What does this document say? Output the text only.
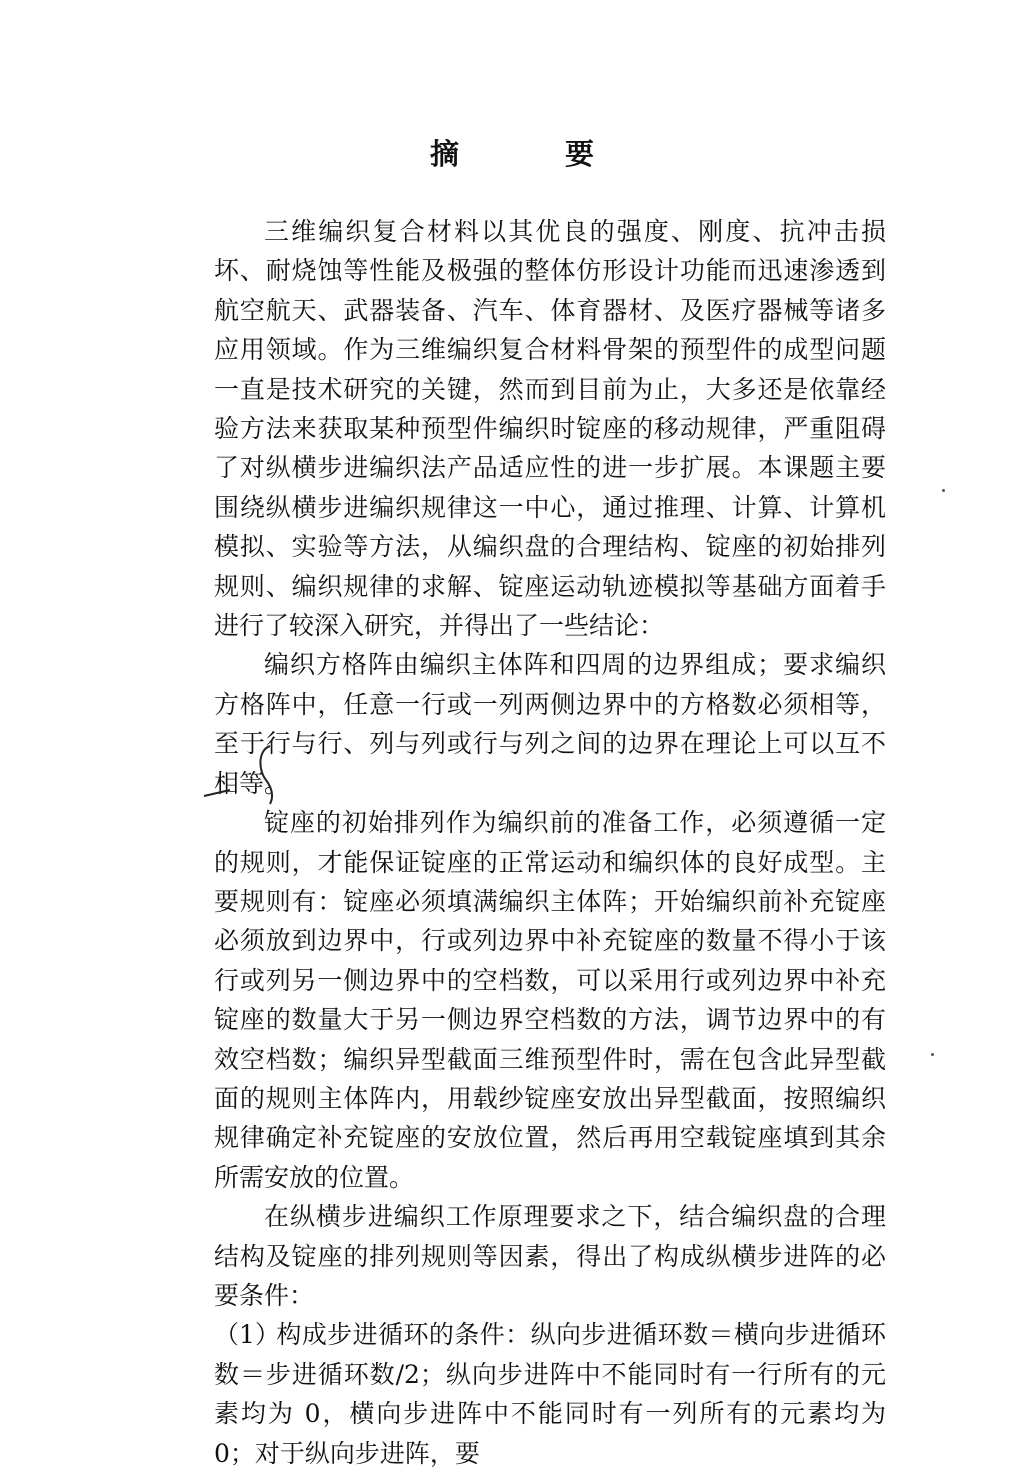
摘 要

三维编织复合材料以其优良的强度、刚度、抗冲击损坏、耐烧蚀等性能及极强的整体仿形设计功能而迅速渗透到航空航天、武器装备、汽车、体育器材、及医疗器械等诸多应用领域。作为三维编织复合材料骨架的预型件的成型问题一直是技术研究的关键，然而到目前为止，大多还是依靠经验方法来获取某种预型件编织时锭座的移动规律，严重阻碍了对纵横步进编织法产品适应性的进一步扩展。本课题主要围绕纵横步进编织规律这一中心，通过推理、计算、计算机模拟、实验等方法，从编织盘的合理结构、锭座的初始排列规则、编织规律的求解、锭座运动轨迹模拟等基础方面着手进行了较深入研究，并得出了一些结论：

编织方格阵由编织主体阵和四周的边界组成；要求编织方格阵中，任意一行或一列两侧边界中的方格数必须相等，至于行与行、列与列或行与列之间的边界在理论上可以互不相等。

锭座的初始排列作为编织前的准备工作，必须遵循一定的规则，才能保证锭座的正常运动和编织体的良好成型。主要规则有：锭座必须填满编织主体阵；开始编织前补充锭座必须放到边界中，行或列边界中补充锭座的数量不得小于该行或列另一侧边界中的空档数，可以采用行或列边界中补充锭座的数量大于另一侧边界空档数的方法，调节边界中的有效空档数；编织异型截面三维预型件时，需在包含此异型截面的规则主体阵内，用载纱锭座安放出异型截面，按照编织规律确定补充锭座的安放位置，然后再用空载锭座填到其余所需安放的位置。

在纵横步进编织工作原理要求之下，结合编织盘的合理结构及锭座的排列规则等因素，得出了构成纵横步进阵的必要条件：

（1）构成步进循环的条件：纵向步进循环数＝横向步进循环数＝步进循环数/2；纵向步进阵中不能同时有一行所有的元素均为 0，横向步进阵中不能同时有一列所有的元素均为 0；对于纵向步进阵，要
